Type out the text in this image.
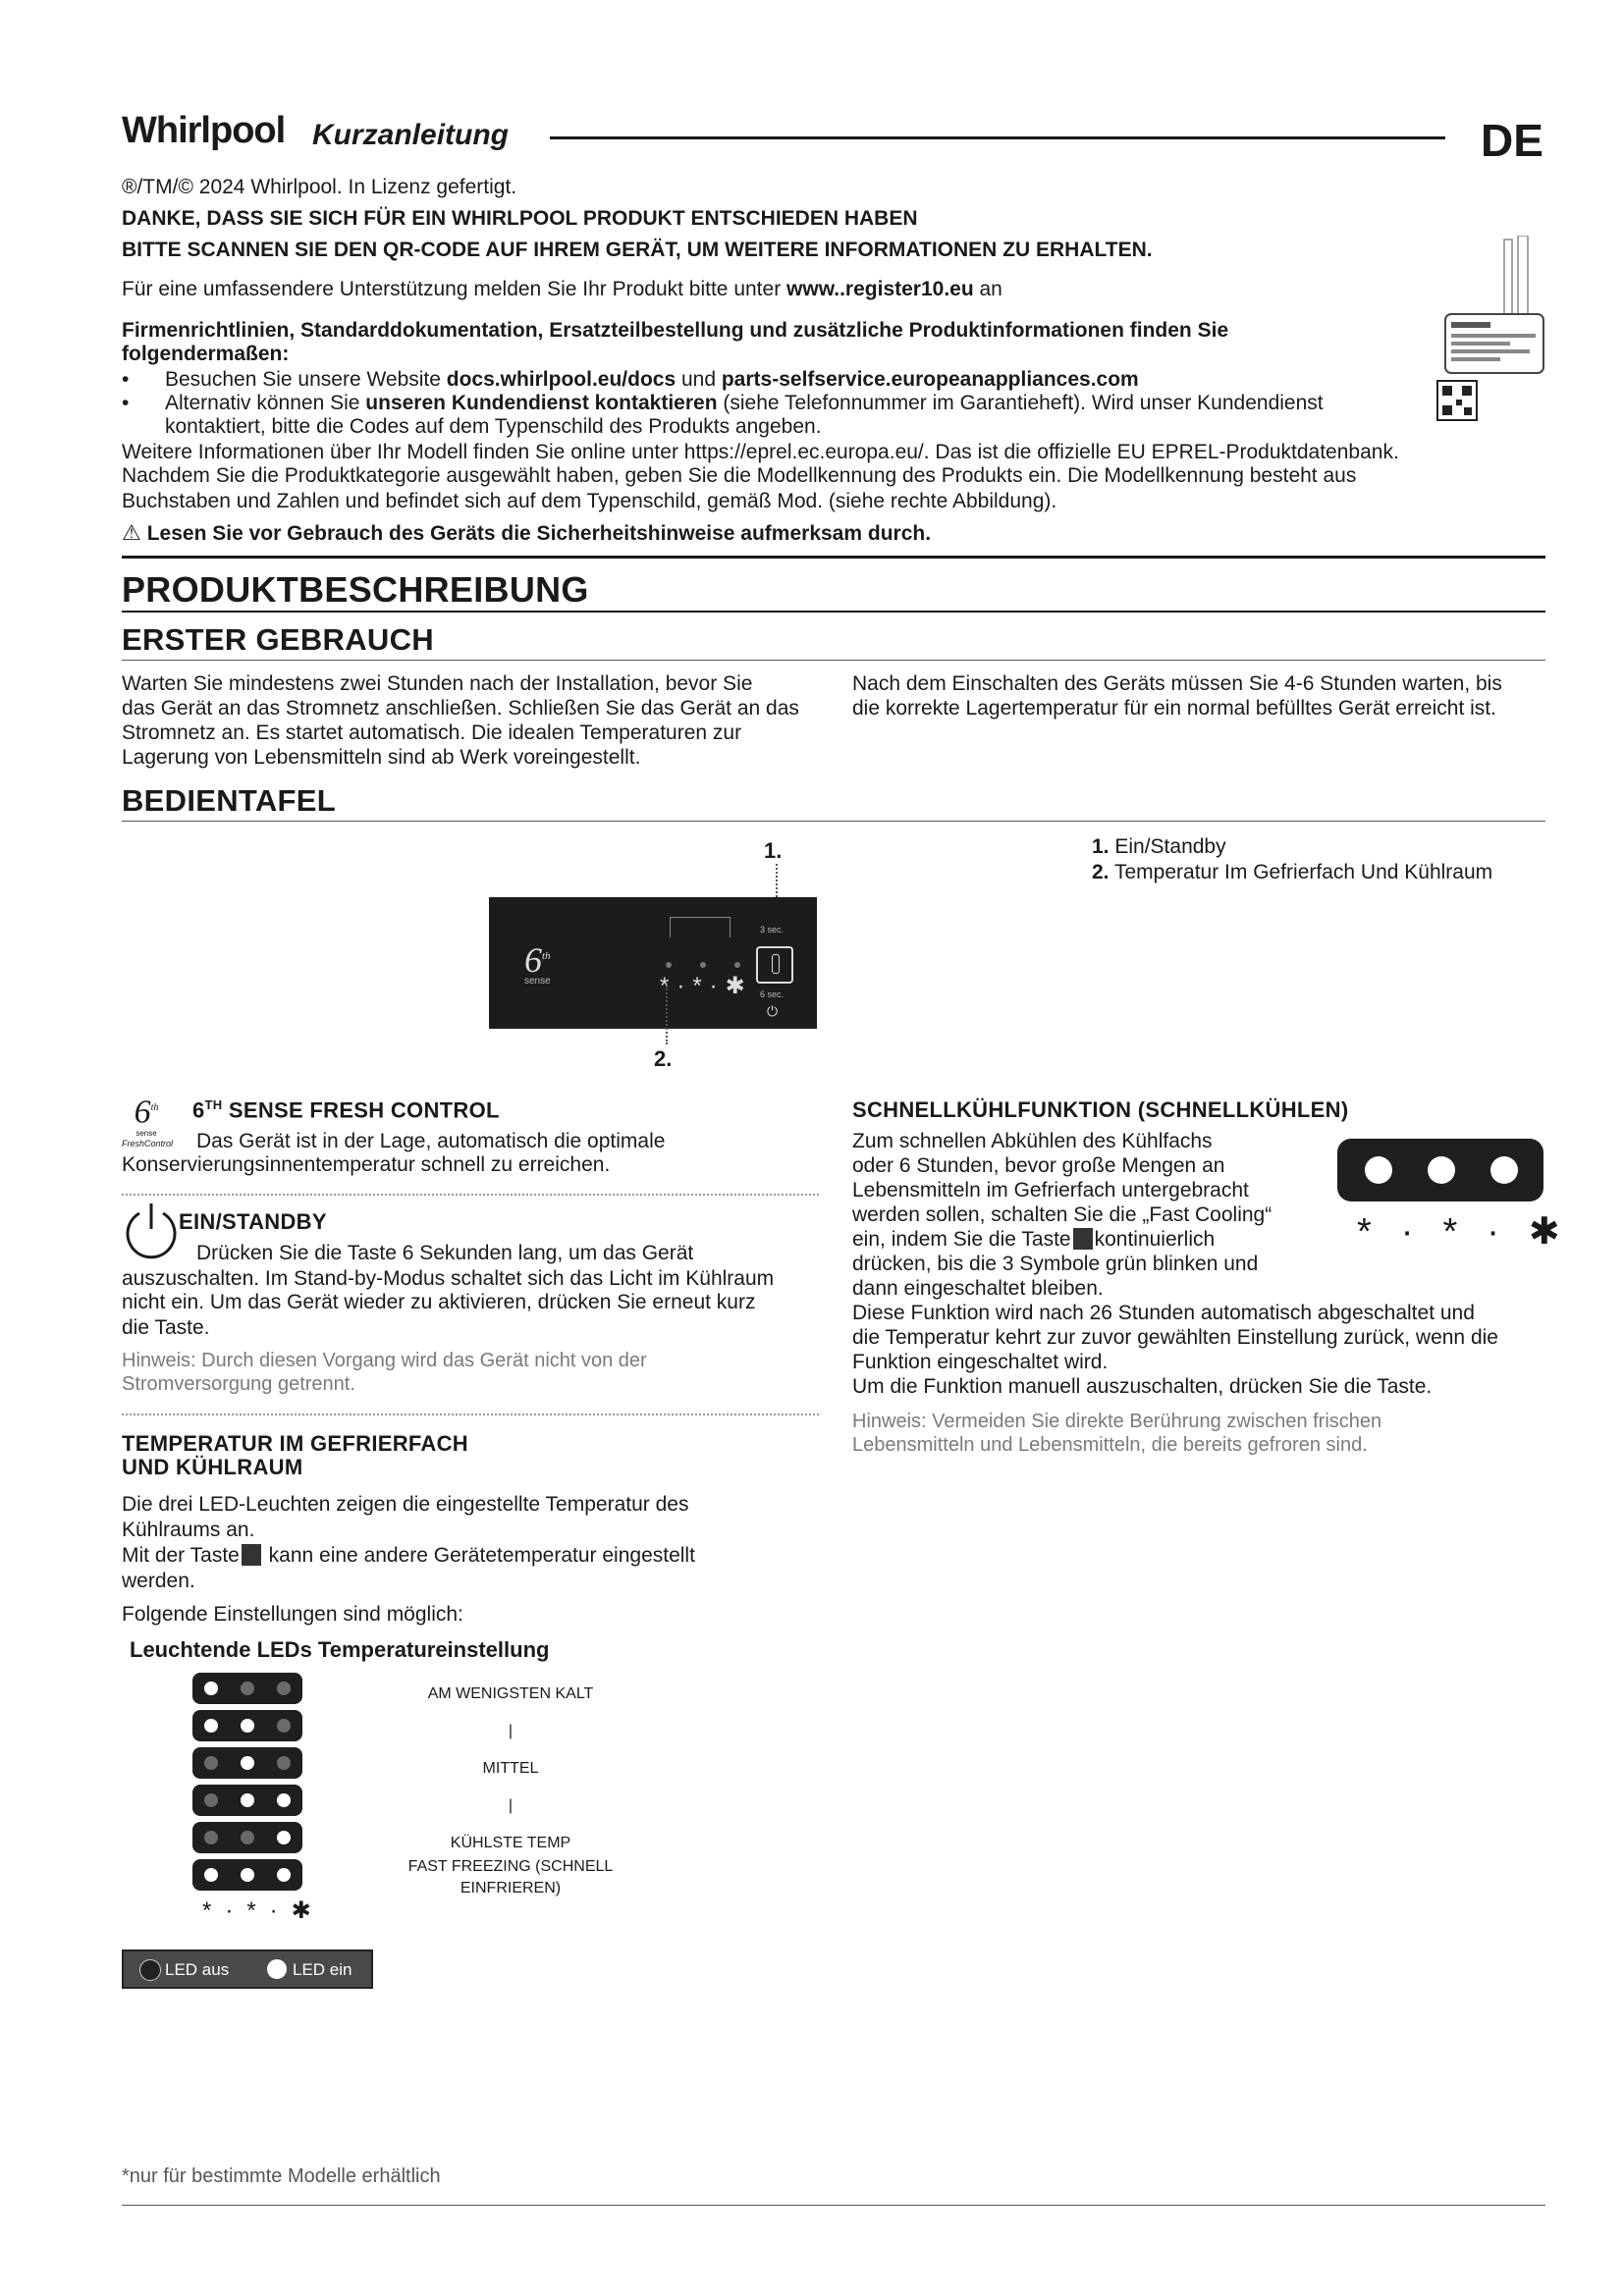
Whirlpool Kurzanleitung	DE
®/TM/© 2024 Whirlpool. In Lizenz gefertigt.
DANKE, DASS SIE SICH FÜR EIN WHIRLPOOL PRODUKT ENTSCHIEDEN HABEN
BITTE SCANNEN SIE DEN QR-CODE AUF IHREM GERÄT, UM WEITERE INFORMATIONEN ZU ERHALTEN.
Für eine umfassendere Unterstützung melden Sie Ihr Produkt bitte unter www..register10.eu an
Firmenrichtlinien, Standarddokumentation, Ersatzteilbestellung und zusätzliche Produktinformationen finden Sie
folgendermaßen:
• Besuchen Sie unsere Website docs.whirlpool.eu/docs und parts-selfservice.europeanappliances.com
• Alternativ können Sie unseren Kundendienst kontaktieren (siehe Telefonnummer im Garantieheft). Wird unser Kundendienst
kontaktiert, bitte die Codes auf dem Typenschild des Produkts angeben.
Weitere Informationen über Ihr Modell finden Sie online unter https://eprel.ec.europa.eu/. Das ist die offizielle EU EPREL-Produktdatenbank.
Nachdem Sie die Produktkategorie ausgewählt haben, geben Sie die Modellkennung des Produkts ein. Die Modellkennung besteht aus
Buchstaben und Zahlen und befindet sich auf dem Typenschild, gemäß Mod. (siehe rechte Abbildung).
⚠ Lesen Sie vor Gebrauch des Geräts die Sicherheitshinweise aufmerksam durch.
PRODUKTBESCHREIBUNG
ERSTER GEBRAUCH

Warten Sie mindestens zwei Stunden nach der Installation, bevor Sie

das Gerät an das Stromnetz anschließen. Schließen Sie das Gerät an das

Stromnetz an. Es startet automatisch. Die idealen Temperaturen zur

Lagerung von Lebensmitteln sind ab Werk voreingestellt.

Nach dem Einschalten des Geräts müssen Sie 4-6 Stunden warten, bis

die korrekte Lagertemperatur für ein normal befülltes Gerät erreicht ist.

BEDIENTAFEL
1.
6th
sense
3 sec.
*·*·✱ 6 sec.
⏻
2.
1. Ein/Standby
2. Temperatur Im Gefrierfach Und Kühlraum
6th
sense
FreshControl
6TH SENSE FRESH CONTROL
Das Gerät ist in der Lage, automatisch die optimale
Konservierungsinnentemperatur schnell zu erreichen.
EIN/STANDBY
Drücken Sie die Taste 6 Sekunden lang, um das Gerät
auszuschalten. Im Stand-by-Modus schaltet sich das Licht im Kühlraum
nicht ein. Um das Gerät wieder zu aktivieren, drücken Sie erneut kurz
die Taste.

Hinweis: Durch diesen Vorgang wird das Gerät nicht von der

Stromversorgung getrennt.

TEMPERATUR IM GEFRIERFACH
UND KÜHLRAUM
Die drei LED-Leuchten zeigen die eingestellte Temperatur des
Kühlraums an.
Mit der Taste kann eine andere Gerätetemperatur eingestellt
werden.
Folgende Einstellungen sind möglich:
Leuchtende LEDs Temperatureinstellung
*·*·✱
AM WENIGSTEN KALT
|
MITTEL
|
KÜHLSTE TEMP
FAST FREEZING (SCHNELL
EINFRIEREN)
LED aus	LED ein
SCHNELLKÜHLFUNKTION (SCHNELLKÜHLEN)

Zum schnellen Abkühlen des Kühlfachs

oder 6 Stunden, bevor große Mengen an

Lebensmitteln im Gefrierfach untergebracht

werden sollen, schalten Sie die „Fast Cooling“

ein, indem Sie die Taste kontinuierlich

drücken, bis die 3 Symbole grün blinken und

dann eingeschaltet bleiben.

Diese Funktion wird nach 26 Stunden automatisch abgeschaltet und

die Temperatur kehrt zur zuvor gewählten Einstellung zurück, wenn die

Funktion eingeschaltet wird.

Um die Funktion manuell auszuschalten, drücken Sie die Taste.

Hinweis: Vermeiden Sie direkte Berührung zwischen frischen

Lebensmitteln und Lebensmitteln, die bereits gefroren sind.

*·*·✱
*nur für bestimmte Modelle erhältlich
